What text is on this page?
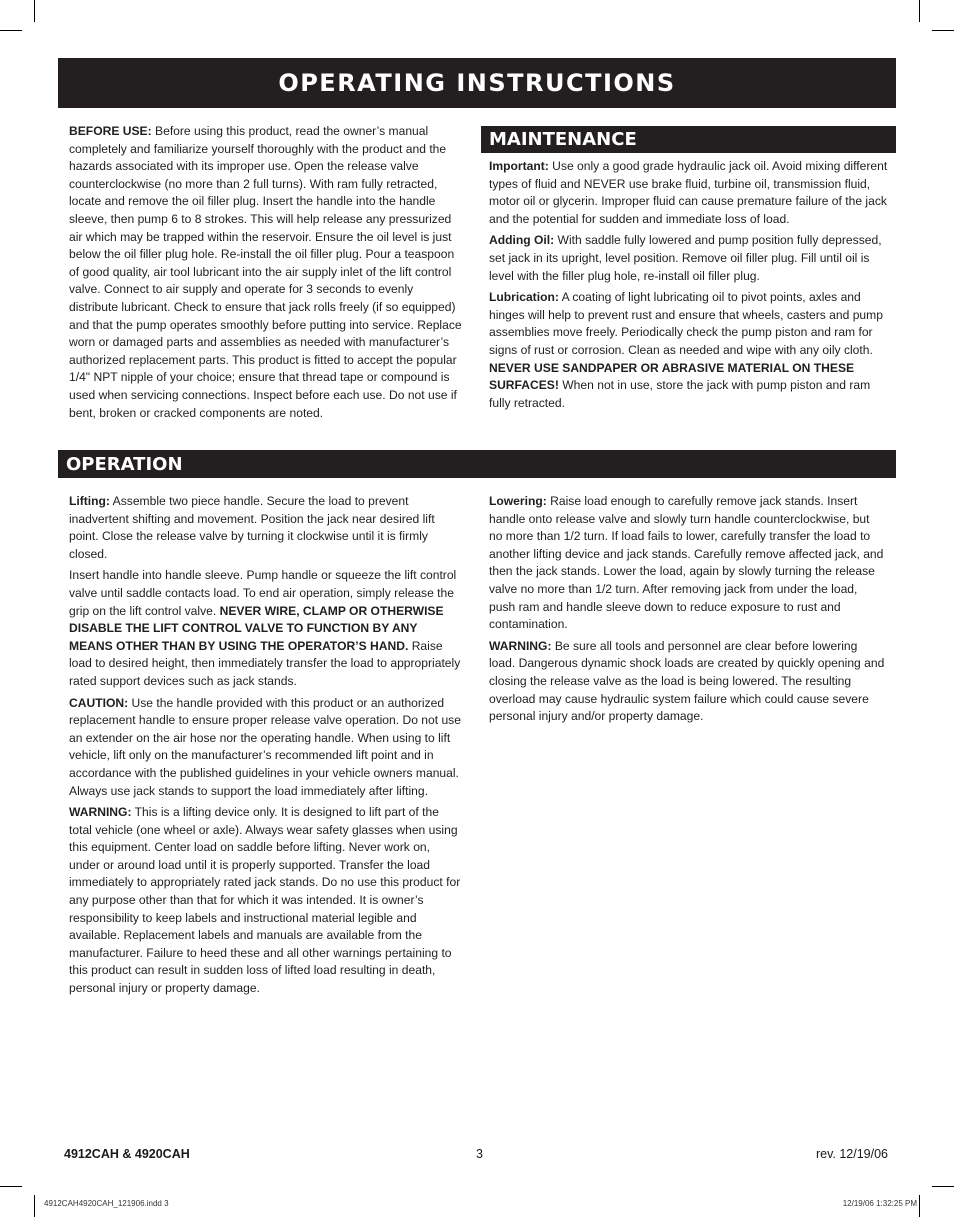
OPERATING INSTRUCTIONS

BEFORE USE: Before using this product, read the owner’s manual completely and familiarize yourself thoroughly with the product and the hazards associated with its improper use. Open the release valve counterclockwise (no more than 2 full turns). With ram fully retracted, locate and remove the oil filler plug. Insert the handle into the handle sleeve, then pump 6 to 8 strokes. This will help release any pressurized air which may be trapped within the reservoir. Ensure the oil level is just below the oil filler plug hole. Re-install the oil filler plug. Pour a teaspoon of good quality, air tool lubricant into the air supply inlet of the lift control valve. Connect to air supply and operate for 3 seconds to evenly distribute lubricant. Check to ensure that jack rolls freely (if so equipped) and that the pump operates smoothly before putting into service. Replace worn or damaged parts and assemblies as needed with manufacturer’s authorized replacement parts. This product is fitted to accept the popular 1/4" NPT nipple of your choice; ensure that thread tape or compound is used when servicing connections. Inspect before each use. Do not use if bent, broken or cracked components are noted.

MAINTENANCE

Important: Use only a good grade hydraulic jack oil. Avoid mixing different types of fluid and NEVER use brake fluid, turbine oil, transmission fluid, motor oil or glycerin. Improper fluid can cause premature failure of the jack and the potential for sudden and immediate loss of load.

Adding Oil: With saddle fully lowered and pump position fully depressed, set jack in its upright, level position. Remove oil filler plug. Fill until oil is level with the filler plug hole, re-install oil filler plug.

Lubrication: A coating of light lubricating oil to pivot points, axles and hinges will help to prevent rust and ensure that wheels, casters and pump assemblies move freely. Periodically check the pump piston and ram for signs of rust or corrosion. Clean as needed and wipe with any oily cloth. NEVER USE SANDPAPER OR ABRASIVE MATERIAL ON THESE SURFACES! When not in use, store the jack with pump piston and ram fully retracted.

OPERATION

Lifting: Assemble two piece handle. Secure the load to prevent inadvertent shifting and movement. Position the jack near desired lift point. Close the release valve by turning it clockwise until it is firmly closed.

Insert handle into handle sleeve. Pump handle or squeeze the lift control valve until saddle contacts load. To end air operation, simply release the grip on the lift control valve. NEVER WIRE, CLAMP OR OTHERWISE DISABLE THE LIFT CONTROL VALVE TO FUNCTION BY ANY MEANS OTHER THAN BY USING THE OPERATOR’S HAND. Raise load to desired height, then immediately transfer the load to appropriately rated support devices such as jack stands.

CAUTION: Use the handle provided with this product or an authorized replacement handle to ensure proper release valve operation. Do not use an extender on the air hose nor the operating handle. When using to lift vehicle, lift only on the manufacturer’s recommended lift point and in accordance with the published guidelines in your vehicle owners manual. Always use jack stands to support the load immediately after lifting.

WARNING: This is a lifting device only. It is designed to lift part of the total vehicle (one wheel or axle). Always wear safety glasses when using this equipment. Center load on saddle before lifting. Never work on, under or around load until it is properly supported. Transfer the load immediately to appropriately rated jack stands. Do no use this product for any purpose other than that for which it was intended. It is owner’s responsibility to keep labels and instructional material legible and available. Replacement labels and manuals are available from the manufacturer. Failure to heed these and all other warnings pertaining to this product can result in sudden loss of lifted load resulting in death, personal injury or property damage.

Lowering: Raise load enough to carefully remove jack stands. Insert handle onto release valve and slowly turn handle counterclockwise, but no more than 1/2 turn. If load fails to lower, carefully transfer the load to another lifting device and jack stands. Carefully remove affected jack, and then the jack stands. Lower the load, again by slowly turning the release valve no more than 1/2 turn. After removing jack from under the load, push ram and handle sleeve down to reduce exposure to rust and contamination.

WARNING: Be sure all tools and personnel are clear before lowering load. Dangerous dynamic shock loads are created by quickly opening and closing the release valve as the load is being lowered. The resulting overload may cause hydraulic system failure which could cause severe personal injury and/or property damage.

4912CAH & 4920CAH	3	rev. 12/19/06
4912CAH4920CAH_121906.indd 3	12/19/06 1:32:25 PM
